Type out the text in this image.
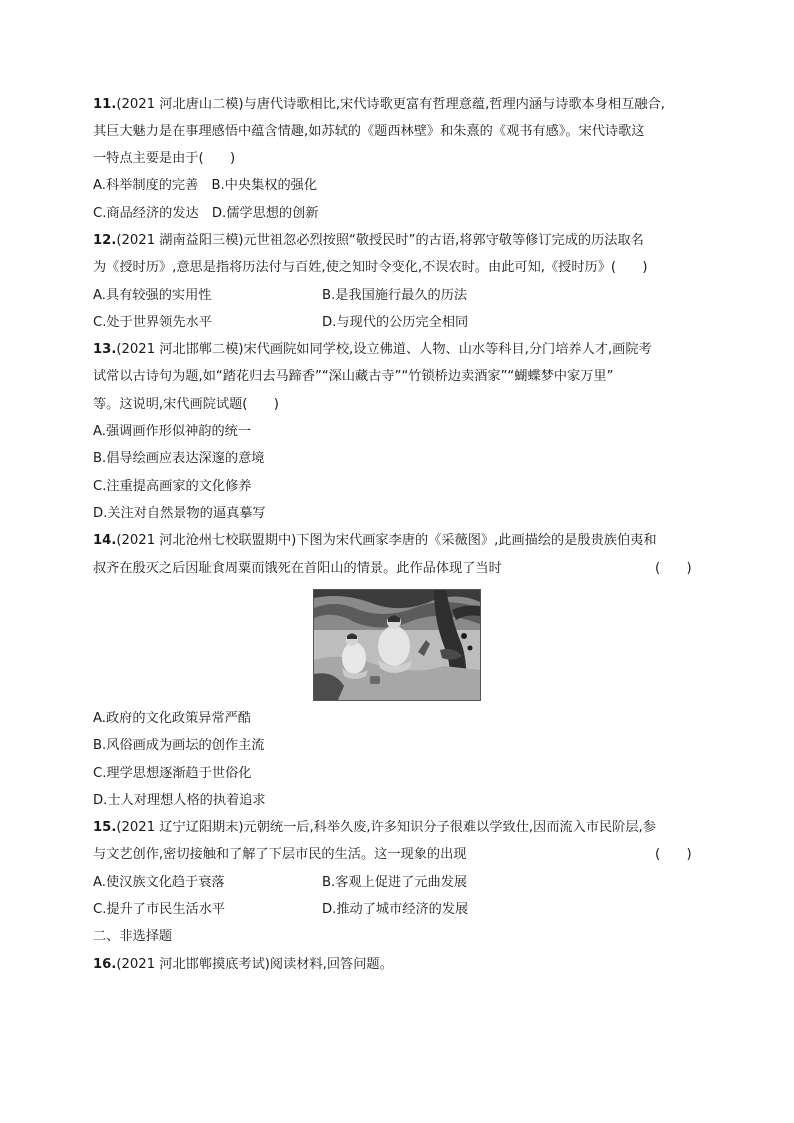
11.(2021 河北唐山二模)与唐代诗歌相比,宋代诗歌更富有哲理意蕴,哲理内涵与诗歌本身相互融合,
其巨大魅力是在事理感悟中蕴含情趣,如苏轼的《题西林壁》和朱熹的《观书有感》。宋代诗歌这
一特点主要是由于(　　)
A.科举制度的完善　B.中央集权的强化
C.商品经济的发达　D.儒学思想的创新
12.(2021 湖南益阳三模)元世祖忽必烈按照“敬授民时”的古语,将郭守敬等修订完成的历法取名
为《授时历》,意思是指将历法付与百姓,使之知时令变化,不误农时。由此可知,《授时历》(　　)
A.具有较强的实用性	B.是我国施行最久的历法
C.处于世界领先水平	D.与现代的公历完全相同
13.(2021 河北邯郸二模)宋代画院如同学校,设立佛道、人物、山水等科目,分门培养人才,画院考
试常以古诗句为题,如“踏花归去马蹄香”“深山藏古寺”“竹锁桥边卖酒家”“蝴蝶梦中家万里”
等。这说明,宋代画院试题(　　)
A.强调画作形似神韵的统一
B.倡导绘画应表达深邃的意境
C.注重提高画家的文化修养
D.关注对自然景物的逼真摹写
14.(2021 河北沧州七校联盟期中)下图为宋代画家李唐的《采薇图》,此画描绘的是殷贵族伯夷和
叔齐在殷灭之后因耻食周粟而饿死在首阳山的情景。此作品体现了当时	(　　)
A.政府的文化政策异常严酷
B.风俗画成为画坛的创作主流
C.理学思想逐渐趋于世俗化
D.士人对理想人格的执着追求
15.(2021 辽宁辽阳期末)元朝统一后,科举久废,许多知识分子很难以学致仕,因而流入市民阶层,参
与文艺创作,密切接触和了解了下层市民的生活。这一现象的出现	(　　)
A.使汉族文化趋于衰落	B.客观上促进了元曲发展
C.提升了市民生活水平	D.推动了城市经济的发展
二、非选择题
16.(2021 河北邯郸摸底考试)阅读材料,回答问题。
